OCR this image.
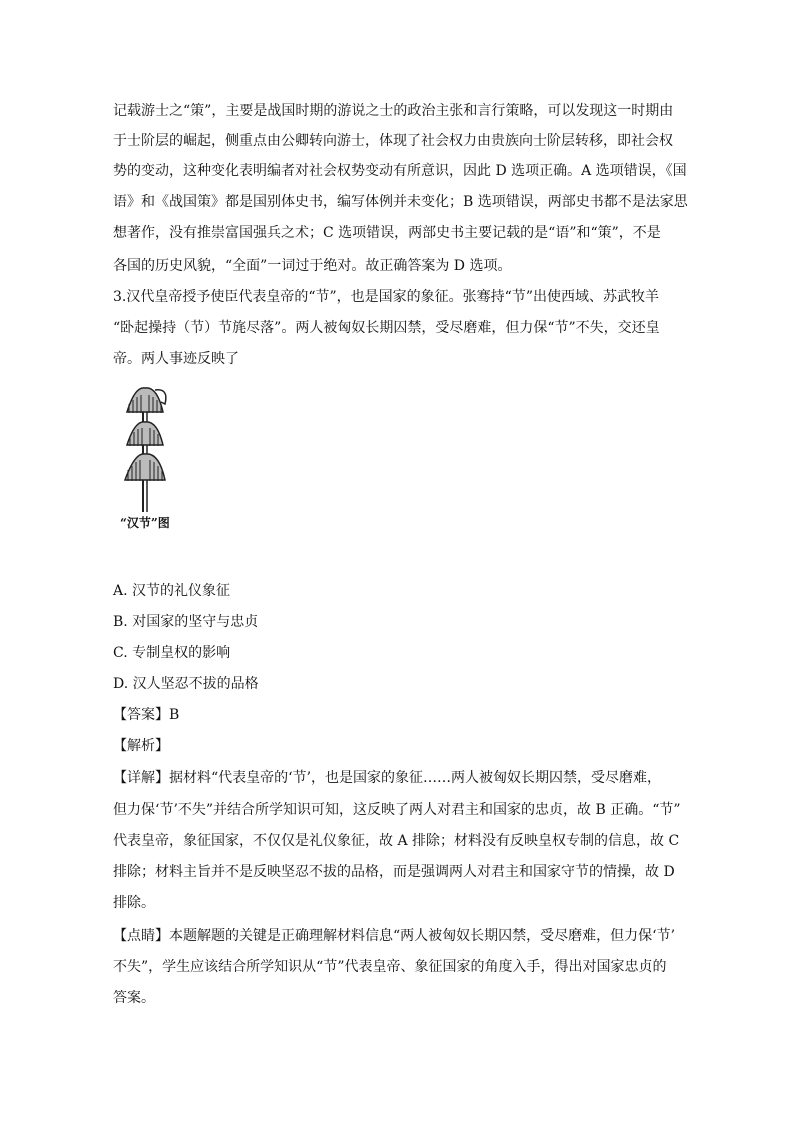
记载游士之“策”，主要是战国时期的游说之士的政治主张和言行策略，可以发现这一时期由
于士阶层的崛起，侧重点由公卿转向游士，体现了社会权力由贵族向士阶层转移，即社会权
势的变动，这种变化表明编者对社会权势变动有所意识，因此 D 选项正确。A 选项错误，《国
语》和《战国策》都是国别体史书，编写体例并未变化；B 选项错误，两部史书都不是法家思
想著作，没有推崇富国强兵之术；C 选项错误，两部史书主要记载的是“语”和“策”，不是
各国的历史风貌，“全面”一词过于绝对。故正确答案为 D 选项。
3.汉代皇帝授予使臣代表皇帝的“节”，也是国家的象征。张骞持“节”出使西域、苏武牧羊
“卧起操持（节）节旄尽落”。两人被匈奴长期囚禁，受尽磨难，但力保“节”不失，交还皇
帝。两人事迹反映了
“汉节”图
A. 汉节的礼仪象征
B. 对国家的坚守与忠贞
C. 专制皇权的影响
D. 汉人坚忍不拔的品格
【答案】B
【解析】
【详解】据材料“代表皇帝的‘节’，也是国家的象征……两人被匈奴长期囚禁，受尽磨难，
但力保‘节’不失”并结合所学知识可知，这反映了两人对君主和国家的忠贞，故 B 正确。“节”
代表皇帝，象征国家，不仅仅是礼仪象征，故 A 排除；材料没有反映皇权专制的信息，故 C
排除；材料主旨并不是反映坚忍不拔的品格，而是强调两人对君主和国家守节的情操，故 D
排除。
【点睛】本题解题的关键是正确理解材料信息“两人被匈奴长期囚禁，受尽磨难，但力保‘节’
不失”，学生应该结合所学知识从“节”代表皇帝、象征国家的角度入手，得出对国家忠贞的
答案。
